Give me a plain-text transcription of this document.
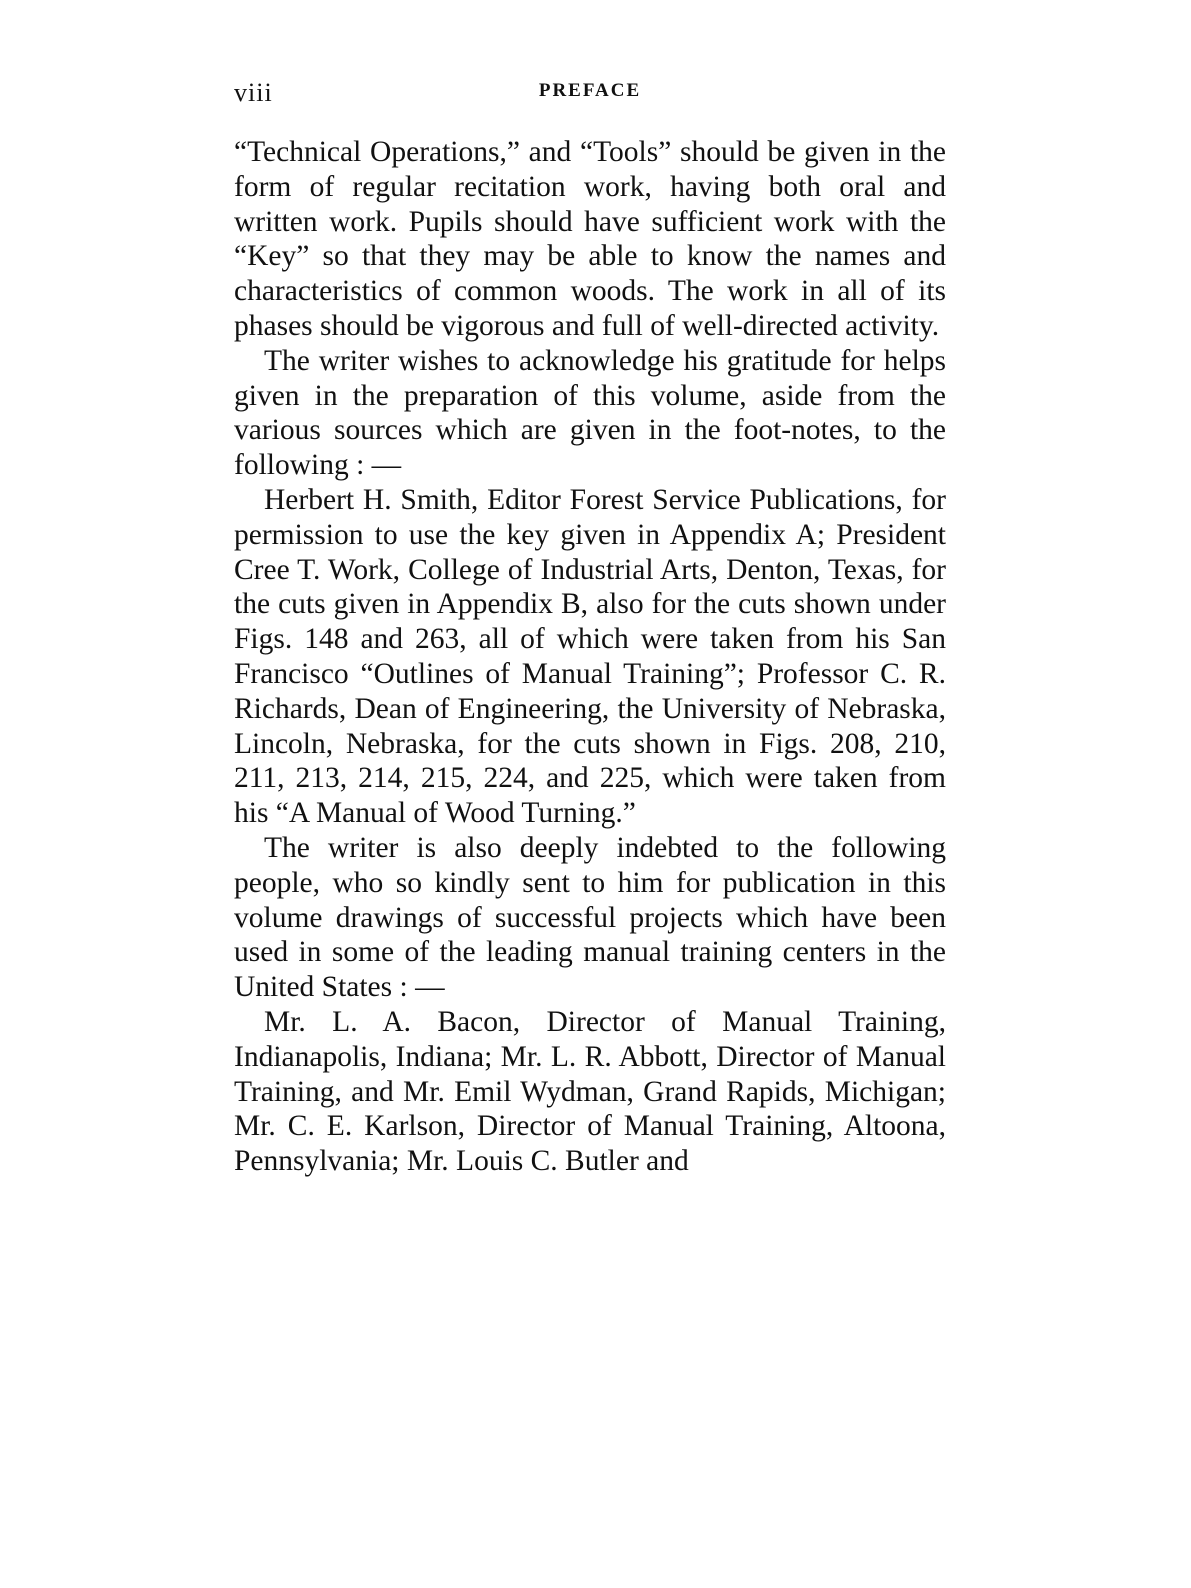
viii	PREFACE

“Technical Operations,” and “Tools” should be given in the form of regular recitation work, having both oral and written work. Pupils should have sufficient work with the “Key” so that they may be able to know the names and characteristics of common woods. The work in all of its phases should be vigorous and full of well-directed activity.

The writer wishes to acknowledge his gratitude for helps given in the preparation of this volume, aside from the various sources which are given in the foot-notes, to the following : —

Herbert H. Smith, Editor Forest Service Publications, for permission to use the key given in Appendix A; President Cree T. Work, College of Industrial Arts, Denton, Texas, for the cuts given in Appendix B, also for the cuts shown under Figs. 148 and 263, all of which were taken from his San Francisco “Outlines of Manual Training”; Professor C. R. Richards, Dean of Engineering, the University of Nebraska, Lincoln, Nebraska, for the cuts shown in Figs. 208, 210, 211, 213, 214, 215, 224, and 225, which were taken from his “A Manual of Wood Turning.”

The writer is also deeply indebted to the following people, who so kindly sent to him for publication in this volume drawings of successful projects which have been used in some of the leading manual training centers in the United States : —

Mr. L. A. Bacon, Director of Manual Training, Indianapolis, Indiana; Mr. L. R. Abbott, Director of Manual Training, and Mr. Emil Wydman, Grand Rapids, Michigan; Mr. C. E. Karlson, Director of Manual Training, Altoona, Pennsylvania; Mr. Louis C. Butler and
